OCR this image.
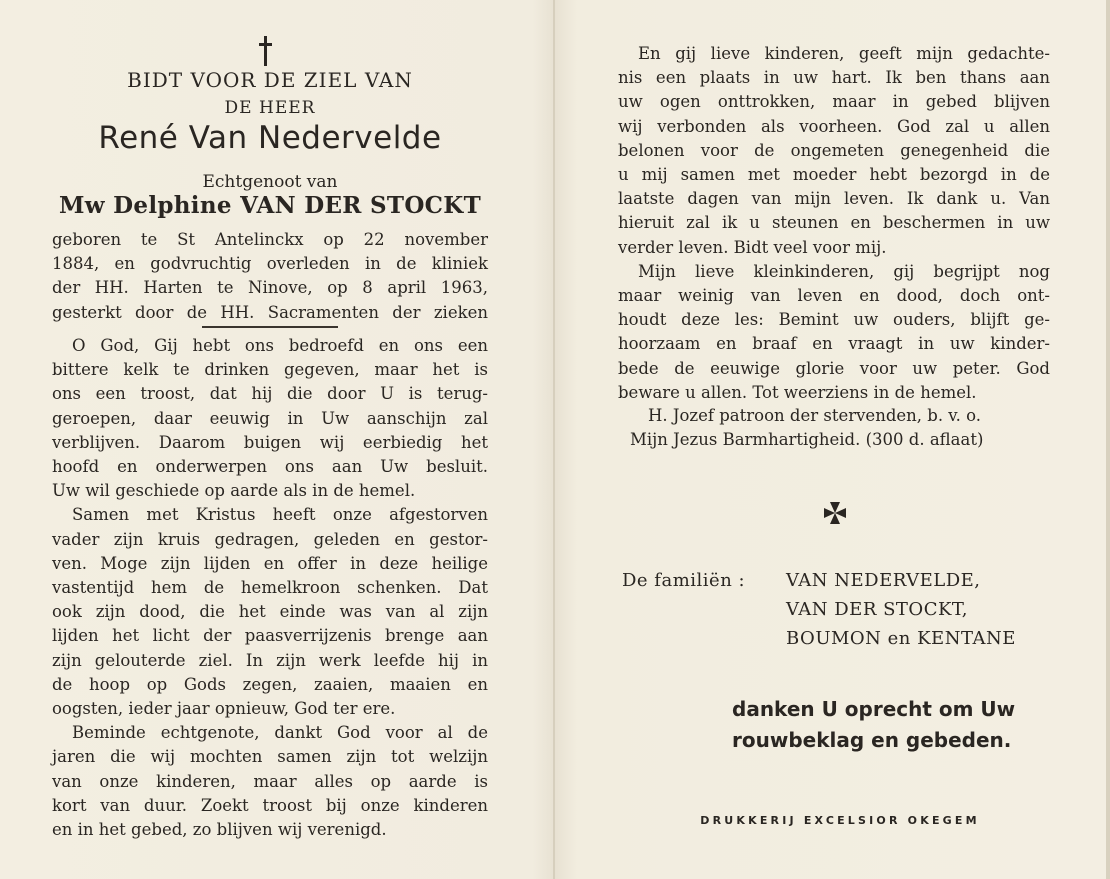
BIDT VOOR DE ZIEL VAN
DE HEER
René Van Nedervelde
Echtgenoot van
Mw Delphine VAN DER STOCKT
geboren te St Antelinckx op 22 november
1884, en godvruchtig overleden in de kliniek
der HH. Harten te Ninove, op 8 april 1963,
gesterkt door de HH. Sacramenten der zieken
O God, Gij hebt ons bedroefd en ons een
bittere kelk te drinken gegeven, maar het is
ons een troost, dat hij die door U is terug-
geroepen, daar eeuwig in Uw aanschijn zal
verblijven. Daarom buigen wij eerbiedig het
hoofd en onderwerpen ons aan Uw besluit.
Uw wil geschiede op aarde als in de hemel.
Samen met Kristus heeft onze afgestorven
vader zijn kruis gedragen, geleden en gestor-
ven. Moge zijn lijden en offer in deze heilige
vastentijd hem de hemelkroon schenken. Dat
ook zijn dood, die het einde was van al zijn
lijden het licht der paasverrijzenis brenge aan
zijn gelouterde ziel. In zijn werk leefde hij in
de hoop op Gods zegen, zaaien, maaien en
oogsten, ieder jaar opnieuw, God ter ere.
Beminde echtgenote, dankt God voor al de
jaren die wij mochten samen zijn tot welzijn
van onze kinderen, maar alles op aarde is
kort van duur. Zoekt troost bij onze kinderen
en in het gebed, zo blijven wij verenigd.
En gij lieve kinderen, geeft mijn gedachte-
nis een plaats in uw hart. Ik ben thans aan
uw ogen onttrokken, maar in gebed blijven
wij verbonden als voorheen. God zal u allen
belonen voor de ongemeten genegenheid die
u mij samen met moeder hebt bezorgd in de
laatste dagen van mijn leven. Ik dank u. Van
hieruit zal ik u steunen en beschermen in uw
verder leven. Bidt veel voor mij.
Mijn lieve kleinkinderen, gij begrijpt nog
maar weinig van leven en dood, doch ont-
houdt deze les: Bemint uw ouders, blijft ge-
hoorzaam en braaf en vraagt in uw kinder-
bede de eeuwige glorie voor uw peter. God
beware u allen. Tot weerziens in de hemel.
H. Jozef patroon der stervenden, b. v. o.
Mijn Jezus Barmhartigheid. (300 d. aflaat)
De familiën : VAN NEDERVELDE,
VAN DER STOCKT,
BOUMON en KENTANE
danken U oprecht om Uw
rouwbeklag en gebeden.
DRUKKERIJ EXCELSIOR OKEGEM
